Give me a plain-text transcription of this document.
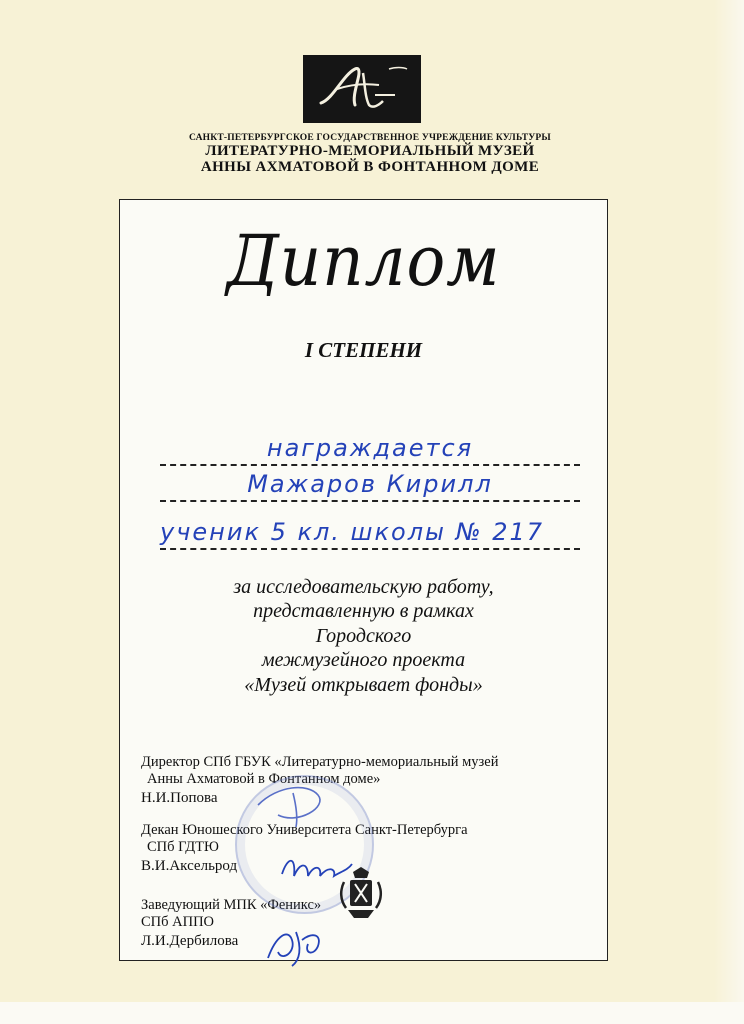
САНКТ-ПЕТЕРБУРГСКОЕ ГОСУДАРСТВЕННОЕ УЧРЕЖДЕНИЕ КУЛЬТУРЫ
ЛИТЕРАТУРНО-МЕМОРИАЛЬНЫЙ МУЗЕЙ
АННЫ АХМАТОВОЙ В ФОНТАННОМ ДОМЕ
Диплом
I СТЕПЕНИ
награждается
Мажаров Кирилл
ученик 5 кл. школы № 217
за исследовательскую работу,
представленную в рамках
Городского
межмузейного проекта
«Музей открывает фонды»
Директор СПб ГБУК «Литературно-мемориальный музей
Анны Ахматовой в Фонтанном доме»
Н.И.Попова
Декан Юношеского Университета Санкт-Петербурга
СПб ГДТЮ
В.И.Аксельрод
Заведующий МПК «Феникс»
СПб АППО
Л.И.Дербилова
